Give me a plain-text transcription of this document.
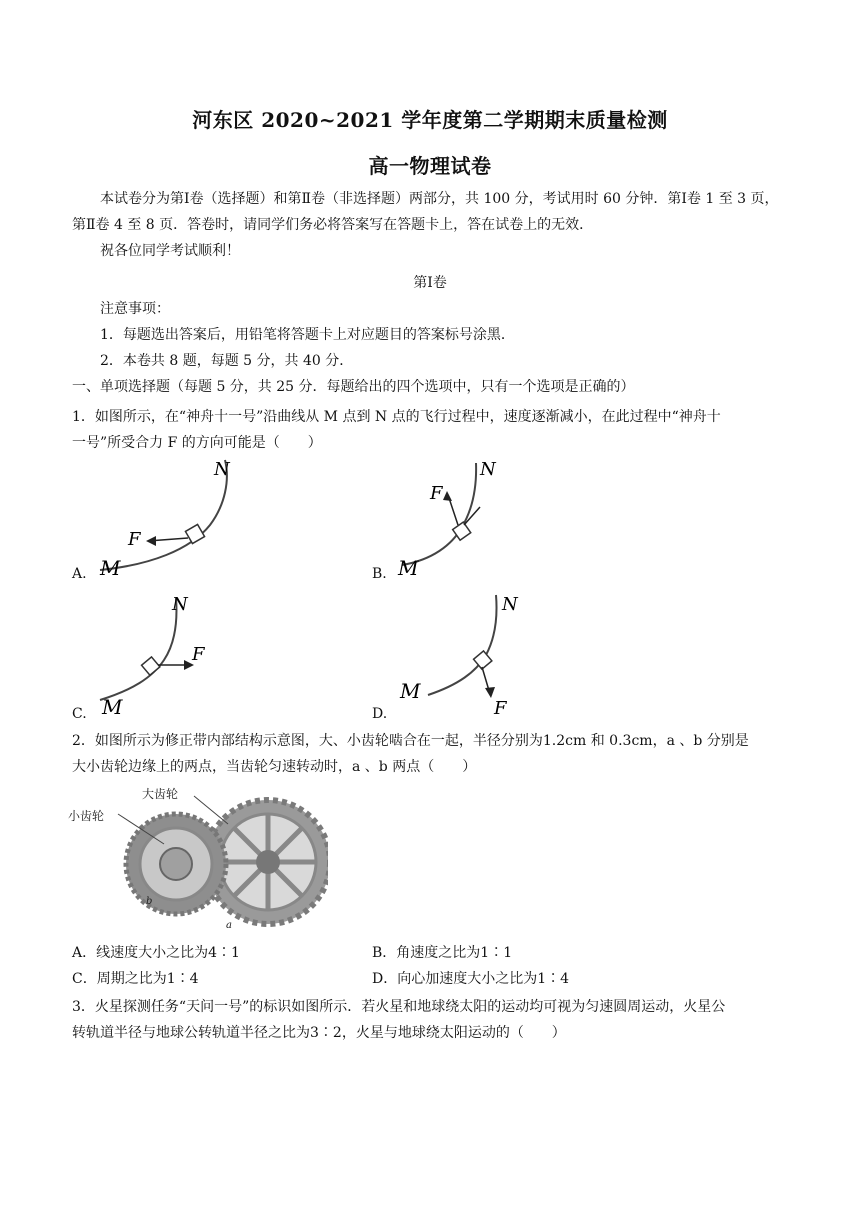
河东区 2020~2021 学年度第二学期期末质量检测
高一物理试卷
本试卷分为第Ⅰ卷（选择题）和第Ⅱ卷（非选择题）两部分，共 100 分，考试用时 60 分钟．第Ⅰ卷 1 至 3 页，
第Ⅱ卷 4 至 8 页．答卷时，请同学们务必将答案写在答题卡上，答在试卷上的无效．
祝各位同学考试顺利！
第Ⅰ卷
注意事项：
1．每题选出答案后，用铅笔将答题卡上对应题目的答案标号涂黑．
2．本卷共 8 题，每题 5 分，共 40 分．
一、单项选择题（每题 5 分，共 25 分．每题给出的四个选项中，只有一个选项是正确的）
1．如图所示，在“神舟十一号”沿曲线从 M 点到 N 点的飞行过程中，速度逐渐减小，在此过程中“神舟十
一号”所受合力 F 的方向可能是（　　）
A.
F
N
M	B.
F
N
M
C.
F
N
M	D.	F
N
M
2．如图所示为修正带内部结构示意图，大、小齿轮啮合在一起，半径分别为1.2cm 和 0.3cm，a 、b 分别是
大小齿轮边缘上的两点，当齿轮匀速转动时，a 、b 两点（　　）
小齿轮
大齿轮
a
b
A．线速度大小之比为4∶1	B．角速度之比为1∶1
C．周期之比为1∶4	D．向心加速度大小之比为1∶4
3．火星探测任务“天问一号”的标识如图所示．若火星和地球绕太阳的运动均可视为匀速圆周运动，火星公
转轨道半径与地球公转轨道半径之比为3∶2，火星与地球绕太阳运动的（　　）
